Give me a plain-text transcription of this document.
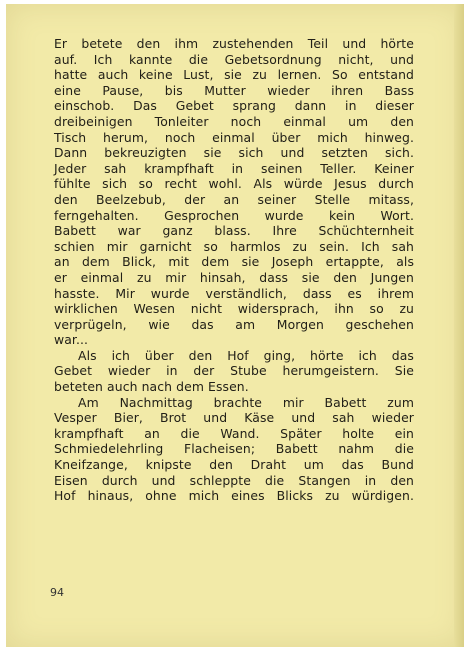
Er betete den ihm zustehenden Teil und hörte
auf. Ich kannte die Gebetsordnung nicht, und
hatte auch keine Lust, sie zu lernen. So entstand
eine Pause, bis Mutter wieder ihren Bass
einschob. Das Gebet sprang dann in dieser
dreibeinigen Tonleiter noch einmal um den
Tisch herum, noch einmal über mich hinweg.
Dann bekreuzigten sie sich und setzten sich.
Jeder sah krampfhaft in seinen Teller. Keiner
fühlte sich so recht wohl. Als würde Jesus durch
den Beelzebub, der an seiner Stelle mitass,
ferngehalten. Gesprochen wurde kein Wort.
Babett war ganz blass. Ihre Schüchternheit
schien mir garnicht so harmlos zu sein. Ich sah
an dem Blick, mit dem sie Joseph ertappte, als
er einmal zu mir hinsah, dass sie den Jungen
hasste. Mir wurde verständlich, dass es ihrem
wirklichen Wesen nicht widersprach, ihn so zu
verprügeln, wie das am Morgen geschehen
war...
Als ich über den Hof ging, hörte ich das
Gebet wieder in der Stube herumgeistern. Sie
beteten auch nach dem Essen.
Am Nachmittag brachte mir Babett zum
Vesper Bier, Brot und Käse und sah wieder
krampfhaft an die Wand. Später holte ein
Schmiedelehrling Flacheisen; Babett nahm die
Kneifzange, knipste den Draht um das Bund
Eisen durch und schleppte die Stangen in den
Hof hinaus, ohne mich eines Blicks zu würdigen.
94
